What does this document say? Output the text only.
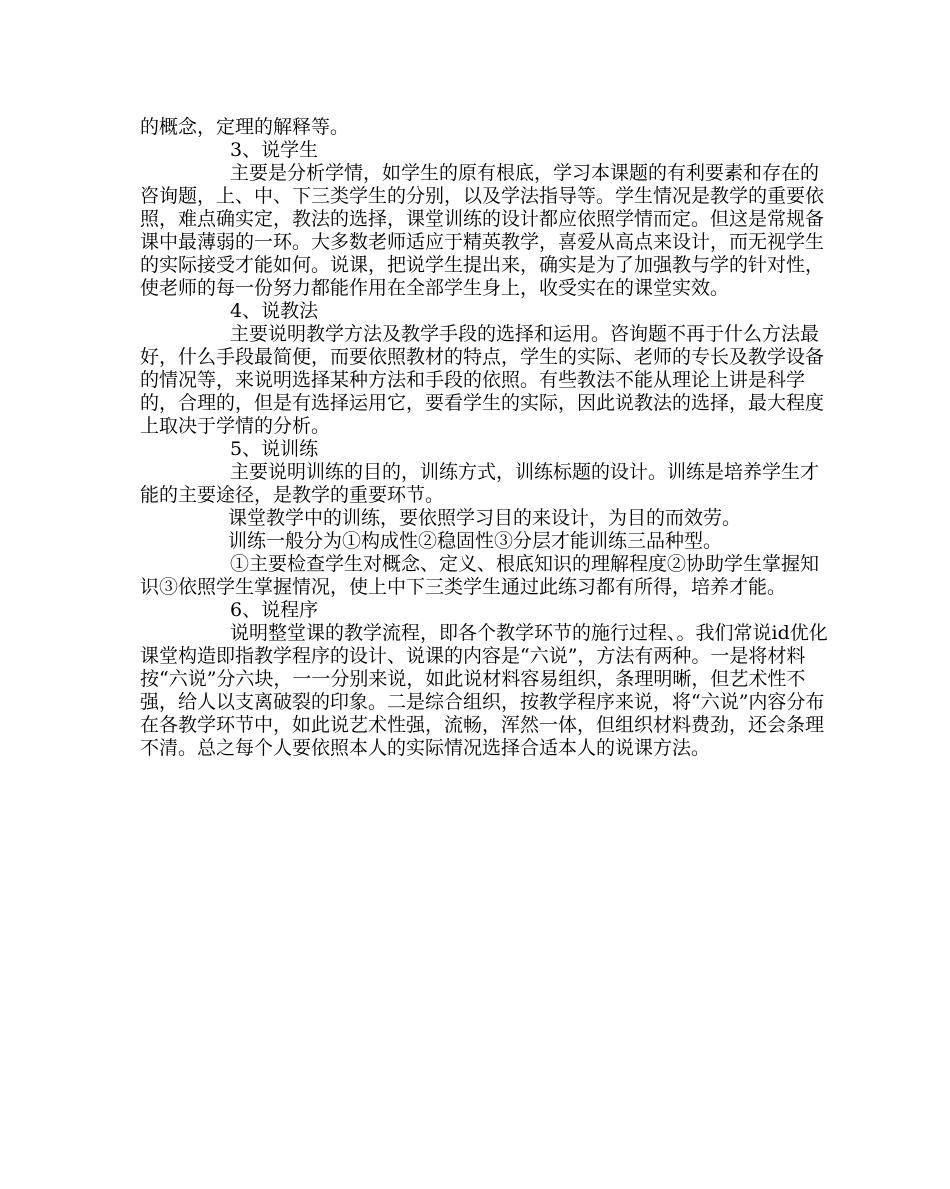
的概念，定理的解释等。

3、说学生

主要是分析学情，如学生的原有根底，学习本课题的有利要素和存在的咨询题，上、中、下三类学生的分别，以及学法指导等。学生情况是教学的重要依照，难点确实定，教法的选择，课堂训练的设计都应依照学情而定。但这是常规备课中最薄弱的一环。大多数老师适应于精英教学，喜爱从高点来设计，而无视学生的实际接受才能如何。说课，把说学生提出来，确实是为了加强教与学的针对性，使老师的每一份努力都能作用在全部学生身上，收受实在的课堂实效。

4、说教法

主要说明教学方法及教学手段的选择和运用。咨询题不再于什么方法最好，什么手段最简便，而要依照教材的特点，学生的实际、老师的专长及教学设备的情况等，来说明选择某种方法和手段的依照。有些教法不能从理论上讲是科学的，合理的，但是有选择运用它，要看学生的实际，因此说教法的选择，最大程度上取决于学情的分析。

5、说训练

主要说明训练的目的，训练方式，训练标题的设计。训练是培养学生才能的主要途径，是教学的重要环节。

课堂教学中的训练，要依照学习目的来设计，为目的而效劳。

训练一般分为①构成性②稳固性③分层才能训练三品种型。

①主要检查学生对概念、定义、根底知识的理解程度②协助学生掌握知识③依照学生掌握情况，使上中下三类学生通过此练习都有所得，培养才能。

6、说程序

说明整堂课的教学流程，即各个教学环节的施行过程、。我们常说id优化课堂构造即指教学程序的设计、说课的内容是“六说”，方法有两种。一是将材料按“六说”分六块，一一分别来说，如此说材料容易组织，条理明晰，但艺术性不强，给人以支离破裂的印象。二是综合组织，按教学程序来说，将“六说”内容分布在各教学环节中，如此说艺术性强，流畅，浑然一体，但组织材料费劲，还会条理不清。总之每个人要依照本人的实际情况选择合适本人的说课方法。
